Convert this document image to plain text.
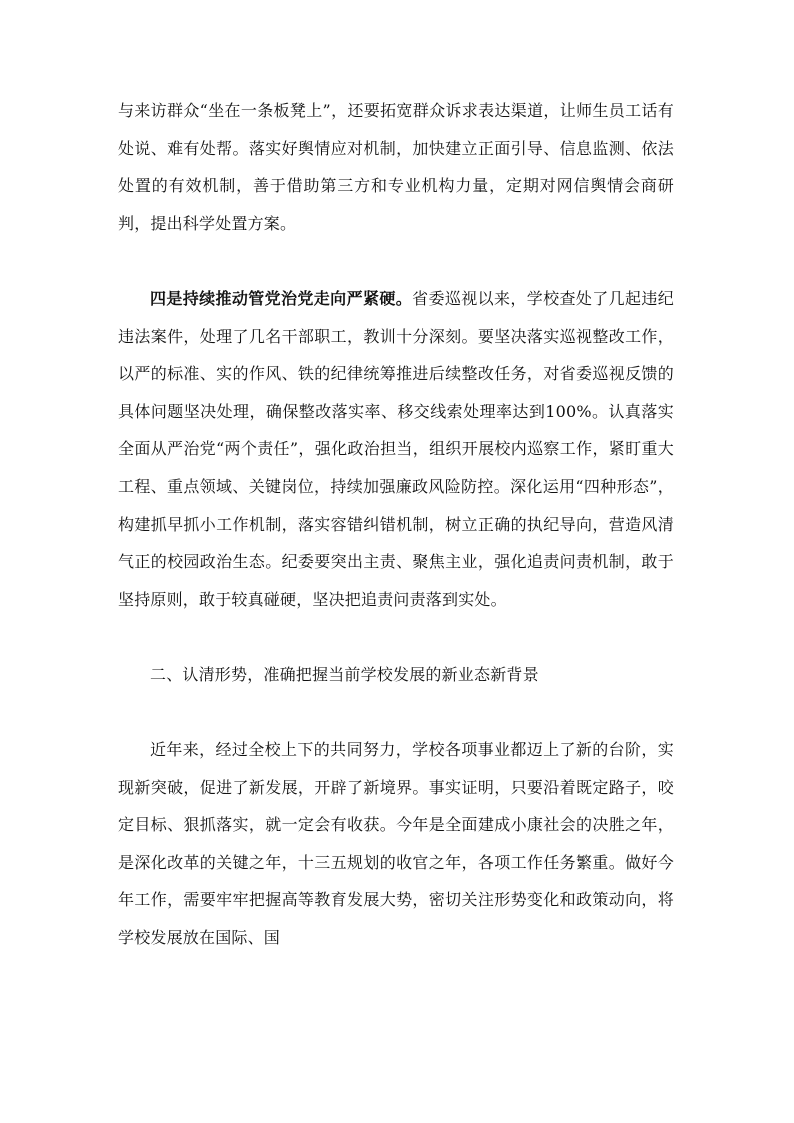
与来访群众“坐在一条板凳上”，还要拓宽群众诉求表达渠道，让师生员工话有处说、难有处帮。落实好舆情应对机制，加快建立正面引导、信息监测、依法处置的有效机制，善于借助第三方和专业机构力量，定期对网信舆情会商研判，提出科学处置方案。

四是持续推动管党治党走向严紧硬。省委巡视以来，学校查处了几起违纪违法案件，处理了几名干部职工，教训十分深刻。要坚决落实巡视整改工作，以严的标准、实的作风、铁的纪律统筹推进后续整改任务，对省委巡视反馈的具体问题坚决处理，确保整改落实率、移交线索处理率达到100%。认真落实全面从严治党“两个责任”，强化政治担当，组织开展校内巡察工作，紧盯重大工程、重点领域、关键岗位，持续加强廉政风险防控。深化运用“四种形态”，构建抓早抓小工作机制，落实容错纠错机制，树立正确的执纪导向，营造风清气正的校园政治生态。纪委要突出主责、聚焦主业，强化追责问责机制，敢于坚持原则，敢于较真碰硬，坚决把追责问责落到实处。

二、认清形势，准确把握当前学校发展的新业态新背景

近年来，经过全校上下的共同努力，学校各项事业都迈上了新的台阶，实现新突破，促进了新发展，开辟了新境界。事实证明，只要沿着既定路子，咬定目标、狠抓落实，就一定会有收获。今年是全面建成小康社会的决胜之年，是深化改革的关键之年，十三五规划的收官之年，各项工作任务繁重。做好今年工作，需要牢牢把握高等教育发展大势，密切关注形势变化和政策动向，将学校发展放在国际、国
